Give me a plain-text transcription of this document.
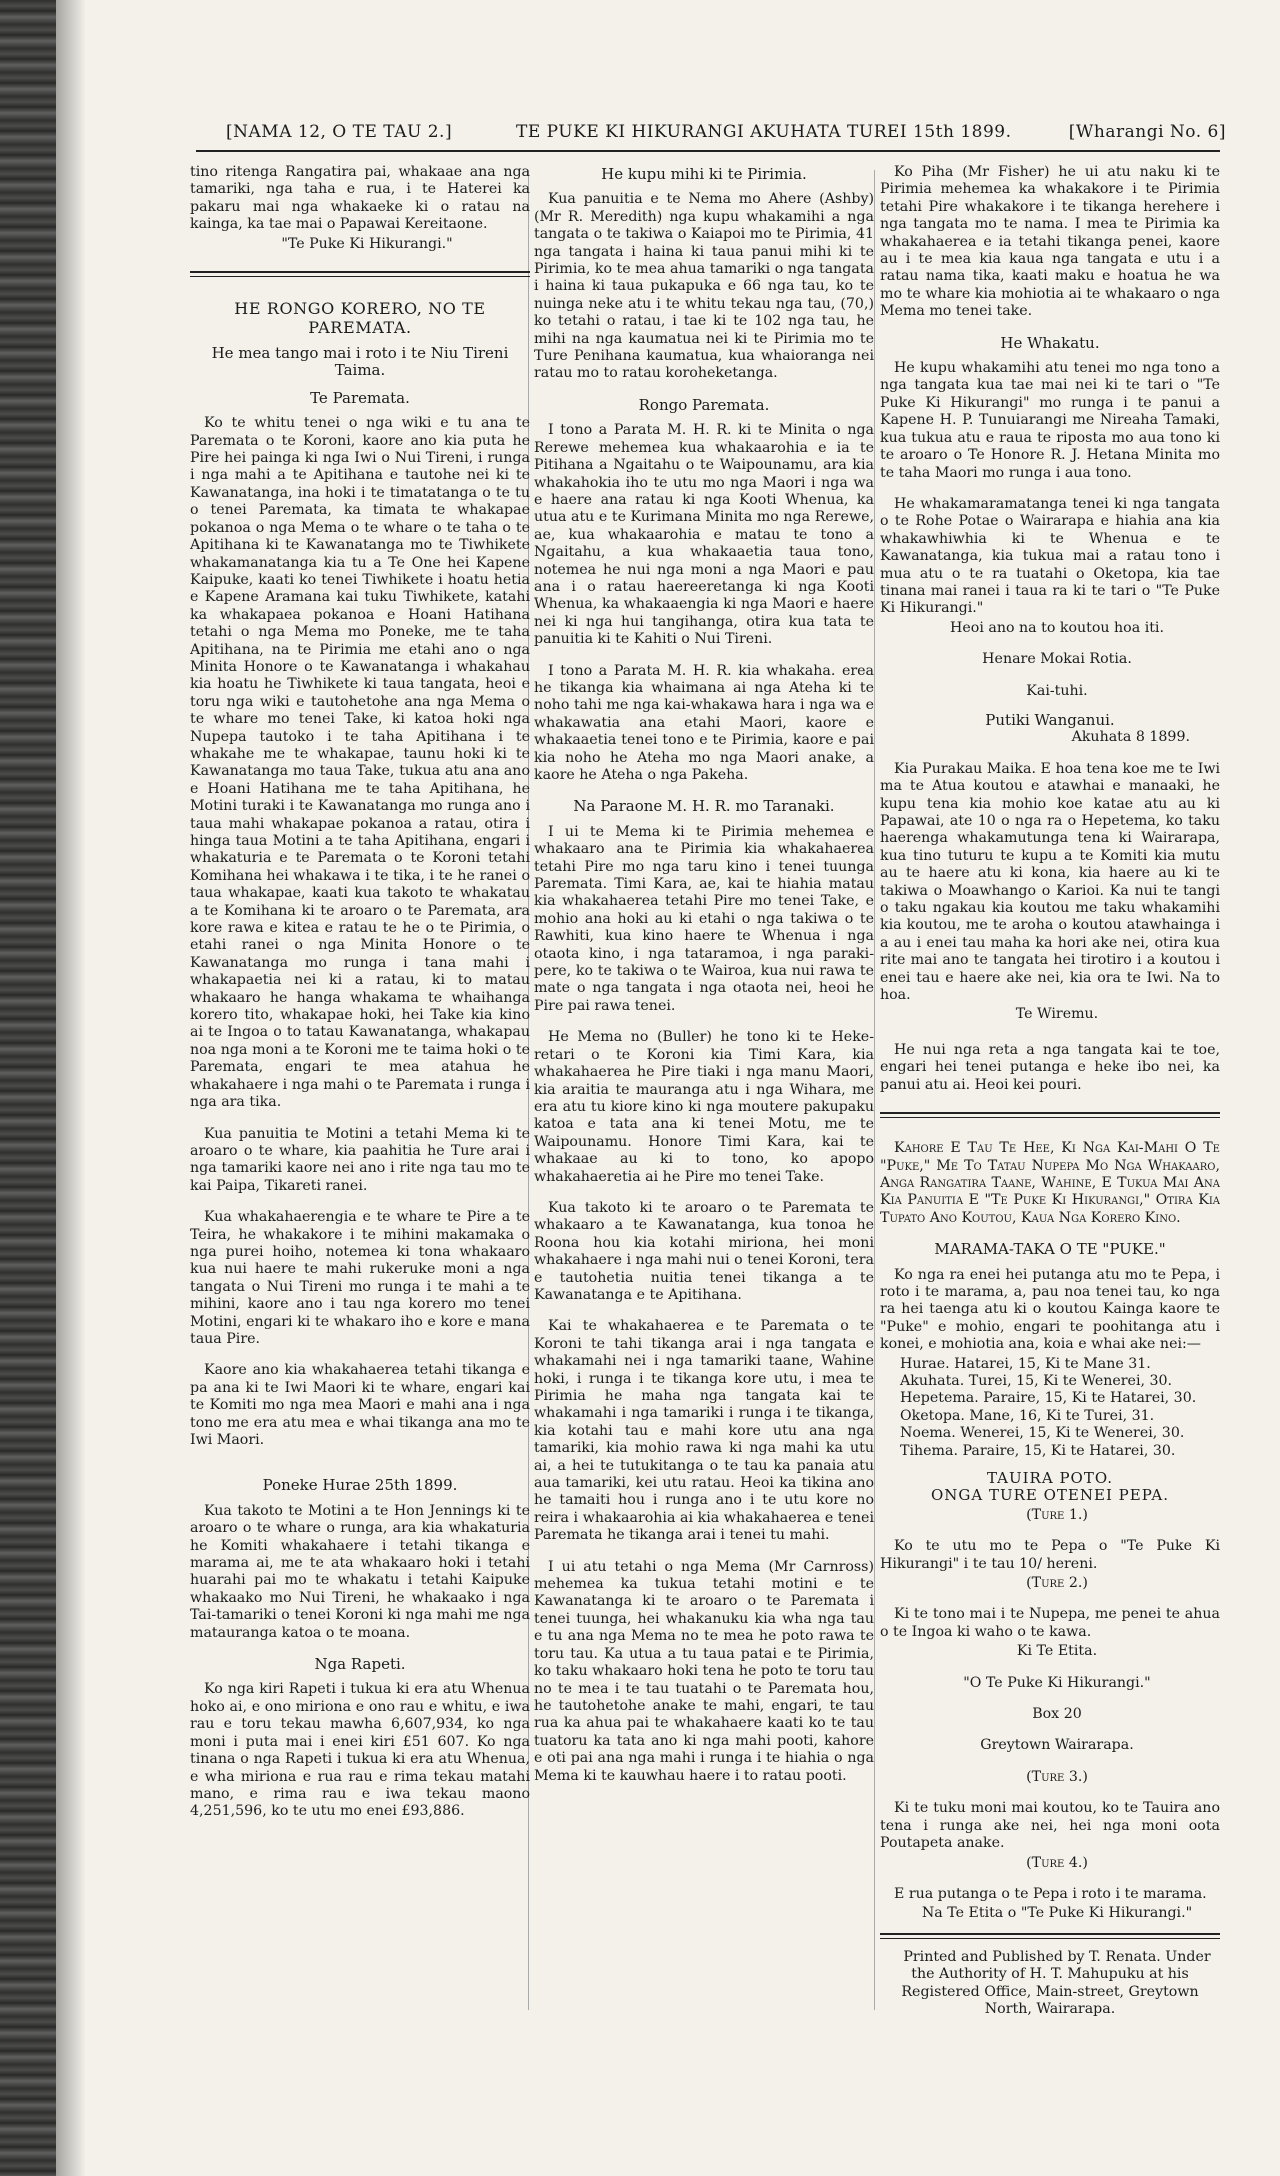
[NAMA 12, O TE TAU 2.]	TE PUKE KI HIKURANGI AKUHATA TUREI 15th 1899.	[Wharangi No. 6]

tino ritenga Rangatira pai, whakaae ana nga tamariki, nga taha e rua, i te Haterei ka pakaru mai nga whakaeke ki o ratau na kainga, ka tae mai o Papawai Kereitaone.

"Te Puke Ki Hikurangi."

HE RONGO KORERO, NO TE PAREMATA.
He mea tango mai i roto i te Niu Tireni Taima.
Te Paremata.

Ko te whitu tenei o nga wiki e tu ana te Paremata o te Koroni, kaore ano kia puta he Pire hei painga ki nga Iwi o Nui Tireni, i runga i nga mahi a te Apitihana e tautohe nei ki te Kawanatanga, ina hoki i te timatatanga o te tu o tenei Paremata, ka timata te whakapae pokanoa o nga Mema o te whare o te taha o te Apitihana ki te Kawanatanga mo te Tiwhikete whakamanatanga kia tu a Te One hei Kapene Kaipuke, kaati ko tenei Tiwhikete i hoatu hetia e Kapene Aramana kai tuku Tiwhikete, katahi ka whakapaea pokanoa e Hoani Hatihana tetahi o nga Mema mo Poneke, me te taha Apitihana, na te Pirimia me etahi ano o nga Minita Honore o te Kawanatanga i whakahau kia hoatu he Tiwhikete ki taua tangata, heoi e toru nga wiki e tautohetohe ana nga Mema o te whare mo tenei Take, ki katoa hoki nga Nupepa tautoko i te taha Apitihana i te whakahe me te whakapae, taunu hoki ki te Kawanatanga mo taua Take, tukua atu ana ano e Hoani Hatihana me te taha Apitihana, he Motini turaki i te Kawanatanga mo runga ano i taua mahi whakapae pokanoa a ratau, otira i hinga taua Motini a te taha Apitihana, engari i whakaturia e te Paremata o te Koroni tetahi Komihana hei whakawa i te tika, i te he ranei o taua whakapae, kaati kua takoto te whakatau a te Komihana ki te aroaro o te Paremata, ara kore rawa e kitea e ratau te he o te Pirimia, o etahi ranei o nga Minita Honore o te Kawanatanga mo runga i tana mahi i whakapaetia nei ki a ratau, ki to matau whakaaro he hanga whakama te whaihanga korero tito, whakapae hoki, hei Take kia kino ai te Ingoa o to tatau Kawanatanga, whakapau noa nga moni a te Koroni me te taima hoki o te Paremata, engari te mea atahua he whakahaere i nga mahi o te Paremata i runga i nga ara tika.

Kua panuitia te Motini a tetahi Mema ki te aroaro o te whare, kia paahitia he Ture arai i nga tamariki kaore nei ano i rite nga tau mo te kai Paipa, Tikareti ranei.

Kua whakahaerengia e te whare te Pire a te Teira, he whakakore i te mihini makamaka o nga purei hoiho, notemea ki tona whakaaro kua nui haere te mahi rukeruke moni a nga tangata o Nui Tireni mo runga i te mahi a te mihini, kaore ano i tau nga korero mo tenei Motini, engari ki te whakaro iho e kore e mana taua Pire.

Kaore ano kia whakahaerea tetahi tikanga e pa ana ki te Iwi Maori ki te whare, engari kai te Komiti mo nga mea Maori e mahi ana i nga tono me era atu mea e whai tikanga ana mo te Iwi Maori.

Poneke Hurae 25th 1899.

Kua takoto te Motini a te Hon Jennings ki te aroaro o te whare o runga, ara kia whakaturia he Komiti whakahaere i tetahi tikanga e marama ai, me te ata whakaaro hoki i tetahi huarahi pai mo te whakatu i tetahi Kaipuke whakaako mo Nui Tireni, he whakaako i nga Tai-tamariki o tenei Koroni ki nga mahi me nga matauranga katoa o te moana.

Nga Rapeti.

Ko nga kiri Rapeti i tukua ki era atu Whenua hoko ai, e ono miriona e ono rau e whitu, e iwa rau e toru tekau mawha 6,607,934, ko nga moni i puta mai i enei kiri £51 607. Ko nga tinana o nga Rapeti i tukua ki era atu Whenua, e wha miriona e rua rau e rima tekau matahi mano, e rima rau e iwa tekau maono 4,251,596, ko te utu mo enei £93,886.

He kupu mihi ki te Pirimia.

Kua panuitia e te Nema mo Ahere (Ashby) (Mr R. Meredith) nga kupu whakamihi a nga tangata o te takiwa o Kaiapoi mo te Pirimia, 41 nga tangata i haina ki taua panui mihi ki te Pirimia, ko te mea ahua tamariki o nga tangata i haina ki taua pukapuka e 66 nga tau, ko te nuinga neke atu i te whitu tekau nga tau, (70,) ko tetahi o ratau, i tae ki te 102 nga tau, he mihi na nga kaumatua nei ki te Pirimia mo te Ture Penihana kaumatua, kua whaioranga nei ratau mo to ratau koroheketanga.

Rongo Paremata.

I tono a Parata M. H. R. ki te Minita o nga Rerewe mehemea kua whakaarohia e ia te Pitihana a Ngaitahu o te Waipounamu, ara kia whakahokia iho te utu mo nga Maori i nga wa e haere ana ratau ki nga Kooti Whenua, ka utua atu e te Kurimana Minita mo nga Rerewe, ae, kua whakaarohia e matau te tono a Ngaitahu, a kua whakaaetia taua tono, notemea he nui nga moni a nga Maori e pau ana i o ratau haereeretanga ki nga Kooti Whenua, ka whakaaengia ki nga Maori e haere nei ki nga hui tangihanga, otira kua tata te panuitia ki te Kahiti o Nui Tireni.

I tono a Parata M. H. R. kia whakaha. erea he tikanga kia whaimana ai nga Ateha ki te noho tahi me nga kai-whakawa hara i nga wa e whakawatia ana etahi Maori, kaore e whakaaetia tenei tono e te Pirimia, kaore e pai kia noho he Ateha mo nga Maori anake, a kaore he Ateha o nga Pakeha.

Na Paraone M. H. R. mo Taranaki.

I ui te Mema ki te Pirimia mehemea e whakaaro ana te Pirimia kia whakahaerea tetahi Pire mo nga taru kino i tenei tuunga Paremata. Timi Kara, ae, kai te hiahia matau kia whakahaerea tetahi Pire mo tenei Take, e mohio ana hoki au ki etahi o nga takiwa o te Rawhiti, kua kino haere te Whenua i nga otaota kino, i nga tataramoa, i nga paraki-pere, ko te takiwa o te Wairoa, kua nui rawa te mate o nga tangata i nga otaota nei, heoi he Pire pai rawa tenei.

He Mema no (Buller) he tono ki te Heke-retari o te Koroni kia Timi Kara, kia whakahaerea he Pire tiaki i nga manu Maori, kia araitia te mauranga atu i nga Wihara, me era atu tu kiore kino ki nga moutere pakupaku katoa e tata ana ki tenei Motu, me te Waipounamu. Honore Timi Kara, kai te whakaae au ki to tono, ko apopo whakahaeretia ai he Pire mo tenei Take.

Kua takoto ki te aroaro o te Paremata te whakaaro a te Kawanatanga, kua tonoa he Roona hou kia kotahi miriona, hei moni whakahaere i nga mahi nui o tenei Koroni, tera e tautohetia nuitia tenei tikanga a te Kawanatanga e te Apitihana.

Kai te whakahaerea e te Paremata o te Koroni te tahi tikanga arai i nga tangata e whakamahi nei i nga tamariki taane, Wahine hoki, i runga i te tikanga kore utu, i mea te Pirimia he maha nga tangata kai te whakamahi i nga tamariki i runga i te tikanga, kia kotahi tau e mahi kore utu ana nga tamariki, kia mohio rawa ki nga mahi ka utu ai, a hei te tutukitanga o te tau ka panaia atu aua tamariki, kei utu ratau. Heoi ka tikina ano he tamaiti hou i runga ano i te utu kore no reira i whakaarohia ai kia whakahaerea e tenei Paremata he tikanga arai i tenei tu mahi.

I ui atu tetahi o nga Mema (Mr Carnross) mehemea ka tukua tetahi motini e te Kawanatanga ki te aroaro o te Paremata i tenei tuunga, hei whakanuku kia wha nga tau e tu ana nga Mema no te mea he poto rawa te toru tau. Ka utua a tu taua patai e te Pirimia, ko taku whakaaro hoki tena he poto te toru tau no te mea i te tau tuatahi o te Paremata hou, he tautohetohe anake te mahi, engari, te tau rua ka ahua pai te whakahaere kaati ko te tau tuatoru ka tata ano ki nga mahi pooti, kahore e oti pai ana nga mahi i runga i te hiahia o nga Mema ki te kauwhau haere i to ratau pooti.

Ko Piha (Mr Fisher) he ui atu naku ki te Pirimia mehemea ka whakakore i te Pirimia tetahi Pire whakakore i te tikanga herehere i nga tangata mo te nama. I mea te Pirimia ka whakahaerea e ia tetahi tikanga penei, kaore au i te mea kia kaua nga tangata e utu i a ratau nama tika, kaati maku e hoatua he wa mo te whare kia mohiotia ai te whakaaro o nga Mema mo tenei take.

He Whakatu.

He kupu whakamihi atu tenei mo nga tono a nga tangata kua tae mai nei ki te tari o "Te Puke Ki Hikurangi" mo runga i te panui a Kapene H. P. Tunuiarangi me Nireaha Tamaki, kua tukua atu e raua te riposta mo aua tono ki te aroaro o Te Honore R. J. Hetana Minita mo te taha Maori mo runga i aua tono.

He whakamaramatanga tenei ki nga tangata o te Rohe Potae o Wairarapa e hiahia ana kia whakawhiwhia ki te Whenua e te Kawanatanga, kia tukua mai a ratau tono i mua atu o te ra tuatahi o Oketopa, kia tae tinana mai ranei i taua ra ki te tari o "Te Puke Ki Hikurangi."

Heoi ano na to koutou hoa iti.

Henare Mokai Rotia.

Kai-tuhi.

Putiki Wanganui.

Akuhata 8 1899.

Kia Purakau Maika. E hoa tena koe me te Iwi ma te Atua koutou e atawhai e manaaki, he kupu tena kia mohio koe katae atu au ki Papawai, ate 10 o nga ra o Hepetema, ko taku haerenga whakamutunga tena ki Wairarapa, kua tino tuturu te kupu a te Komiti kia mutu au te haere atu ki kona, kia haere au ki te takiwa o Moawhango o Karioi. Ka nui te tangi o taku ngakau kia koutou me taku whakamihi kia koutou, me te aroha o koutou atawhainga i a au i enei tau maha ka hori ake nei, otira kua rite mai ano te tangata hei tirotiro i a koutou i enei tau e haere ake nei, kia ora te Iwi. Na to hoa.

Te Wiremu.

He nui nga reta a nga tangata kai te toe, engari hei tenei putanga e heke ibo nei, ka panui atu ai. Heoi kei pouri.

Kahore E Tau Te Hee, Ki Nga Kai-Mahi O Te "Puke," Me To Tatau Nupepa Mo Nga Whakaaro, Anga Rangatira Taane, Wahine, E Tukua Mai Ana Kia Panuitia E "Te Puke Ki Hikurangi," Otira Kia Tupato Ano Koutou, Kaua Nga Korero Kino.

MARAMA-TAKA O TE "PUKE."

Ko nga ra enei hei putanga atu mo te Pepa, i roto i te marama, a, pau noa tenei tau, ko nga ra hei taenga atu ki o koutou Kainga kaore te "Puke" e mohio, engari te poohitanga atu i konei, e mohiotia ana, koia e whai ake nei:—

Hurae. Hatarei, 15, Ki te Mane 31.
Akuhata. Turei, 15, Ki te Wenerei, 30.
Hepetema. Paraire, 15, Ki te Hatarei, 30.
Oketopa. Mane, 16, Ki te Turei, 31.
Noema. Wenerei, 15, Ki te Wenerei, 30.
Tihema. Paraire, 15, Ki te Hatarei, 30.
TAUIRA POTO.
ONGA TURE OTENEI PEPA.

(Ture 1.)

Ko te utu mo te Pepa o "Te Puke Ki Hikurangi" i te tau 10/ hereni.

(Ture 2.)

Ki te tono mai i te Nupepa, me penei te ahua o te Ingoa ki waho o te kawa.

Ki Te Etita.

"O Te Puke Ki Hikurangi."

Box 20

Greytown Wairarapa.

(Ture 3.)

Ki te tuku moni mai koutou, ko te Tauira ano tena i runga ake nei, hei nga moni oota Poutapeta anake.

(Ture 4.)

E rua putanga o te Pepa i roto i te marama.

Na Te Etita o "Te Puke Ki Hikurangi."

Printed and Published by T. Renata. Under the Authority of H. T. Mahupuku at his Registered Office, Main-street, Greytown North, Wairarapa.
